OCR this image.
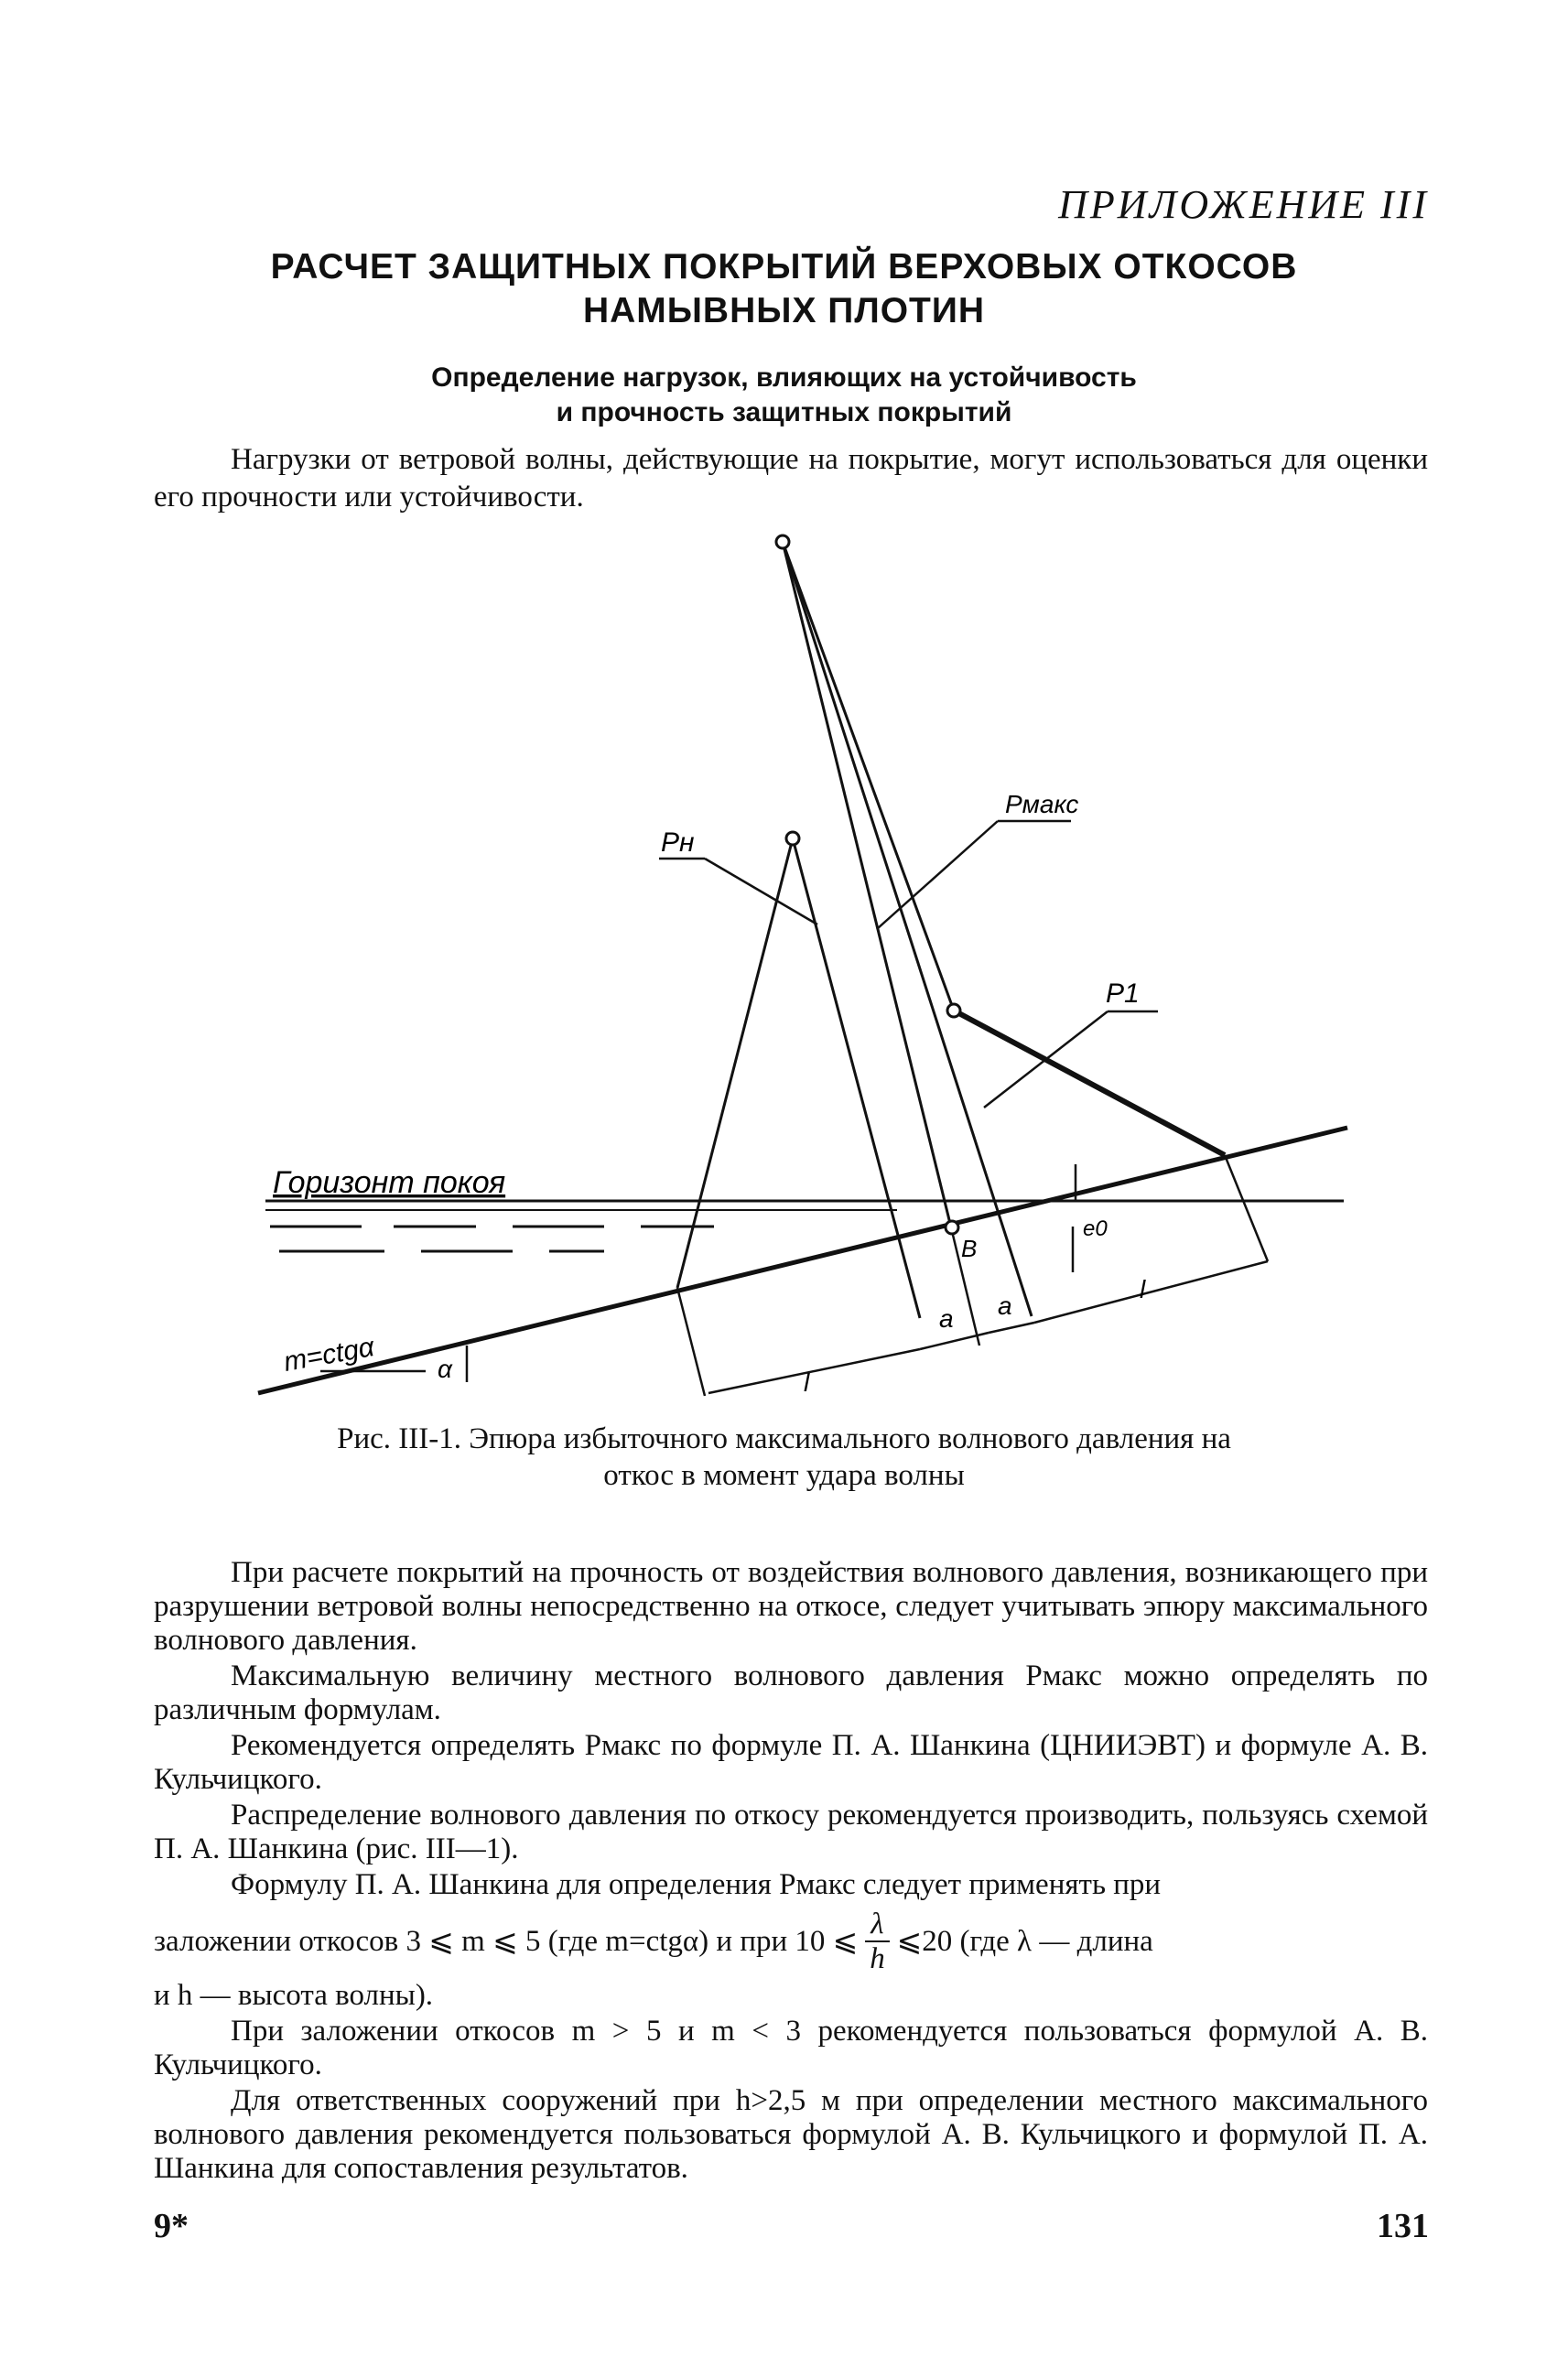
ПРИЛОЖЕНИЕ III
РАСЧЕТ ЗАЩИТНЫХ ПОКРЫТИЙ ВЕРХОВЫХ ОТКОСОВ
НАМЫВНЫХ ПЛОТИН
Определение нагрузок, влияющих на устойчивость
и прочность защитных покрытий
Нагрузки от ветровой волны, действующие на покрытие, могут использоваться для оценки его прочности или устойчивости.
Pн
Pмакс
P1
Горизонт покоя
B
e0
a a
l
l
m=ctgα α
Рис. III-1. Эпюра избыточного максимального волнового давления на
откос в момент удара волны

При расчете покрытий на прочность от воздействия волнового давления, возникающего при разрушении ветровой волны непосредственно на откосе, следует учитывать эпюру максимального волнового давления.

Максимальную величину местного волнового давления Pмакс можно определять по различным формулам.

Рекомендуется определять Pмакс по формуле П. А. Шанкина (ЦНИИЭВТ) и формуле А. В. Кульчицкого.

Распределение волнового давления по откосу рекомендуется производить, пользуясь схемой П. А. Шанкина (рис. III—1).

Формулу П. А. Шанкина для определения Pмакс следует применять при

заложении откосов 3 ⩽ m ⩽ 5 (где m=ctgα) и при 10 ⩽ $\frac{\lambda}{h}$ ⩽20 (где λ — длина

и h — высота волны).

При заложении откосов m > 5 и m < 3 рекомендуется пользоваться формулой А. В. Кульчицкого.

Для ответственных сооружений при h>2,5 м при определении местного максимального волнового давления рекомендуется пользоваться формулой А. В. Кульчицкого и формулой П. А. Шанкина для сопоставления результатов.

9*	131
